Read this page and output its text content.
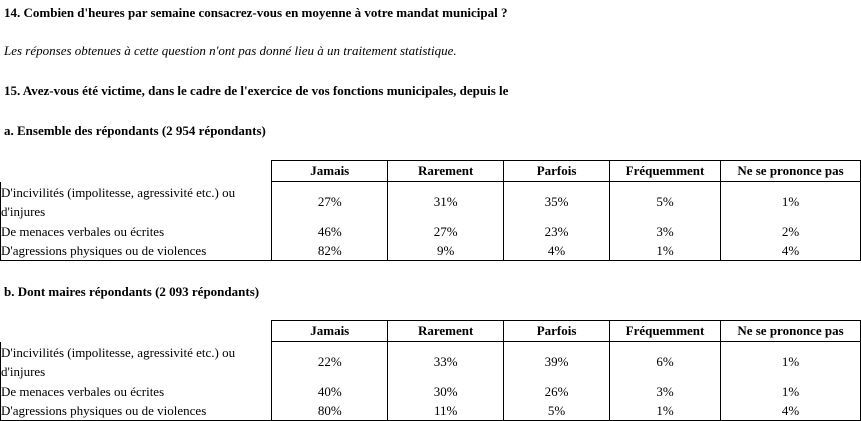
14. Combien d'heures par semaine consacrez-vous en moyenne à votre mandat municipal ?
Les réponses obtenues à cette question n'ont pas donné lieu à un traitement statistique.
15. Avez-vous été victime, dans le cadre de l'exercice de vos fonctions municipales, depuis le
a. Ensemble des répondants (2 954 répondants)
	Jamais	Rarement	Parfois	Fréquemment	Ne se prononce pas
D'incivilités (impolitesse, agressivité etc.) ou d'injures	27%	31%	35%	5%	1%
De menaces verbales ou écrites	46%	27%	23%	3%	2%
D'agressions physiques ou de violences	82%	9%	4%	1%	4%
b. Dont maires répondants (2 093 répondants)
	Jamais	Rarement	Parfois	Fréquemment	Ne se prononce pas
D'incivilités (impolitesse, agressivité etc.) ou d'injures	22%	33%	39%	6%	1%
De menaces verbales ou écrites	40%	30%	26%	3%	1%
D'agressions physiques ou de violences	80%	11%	5%	1%	4%
